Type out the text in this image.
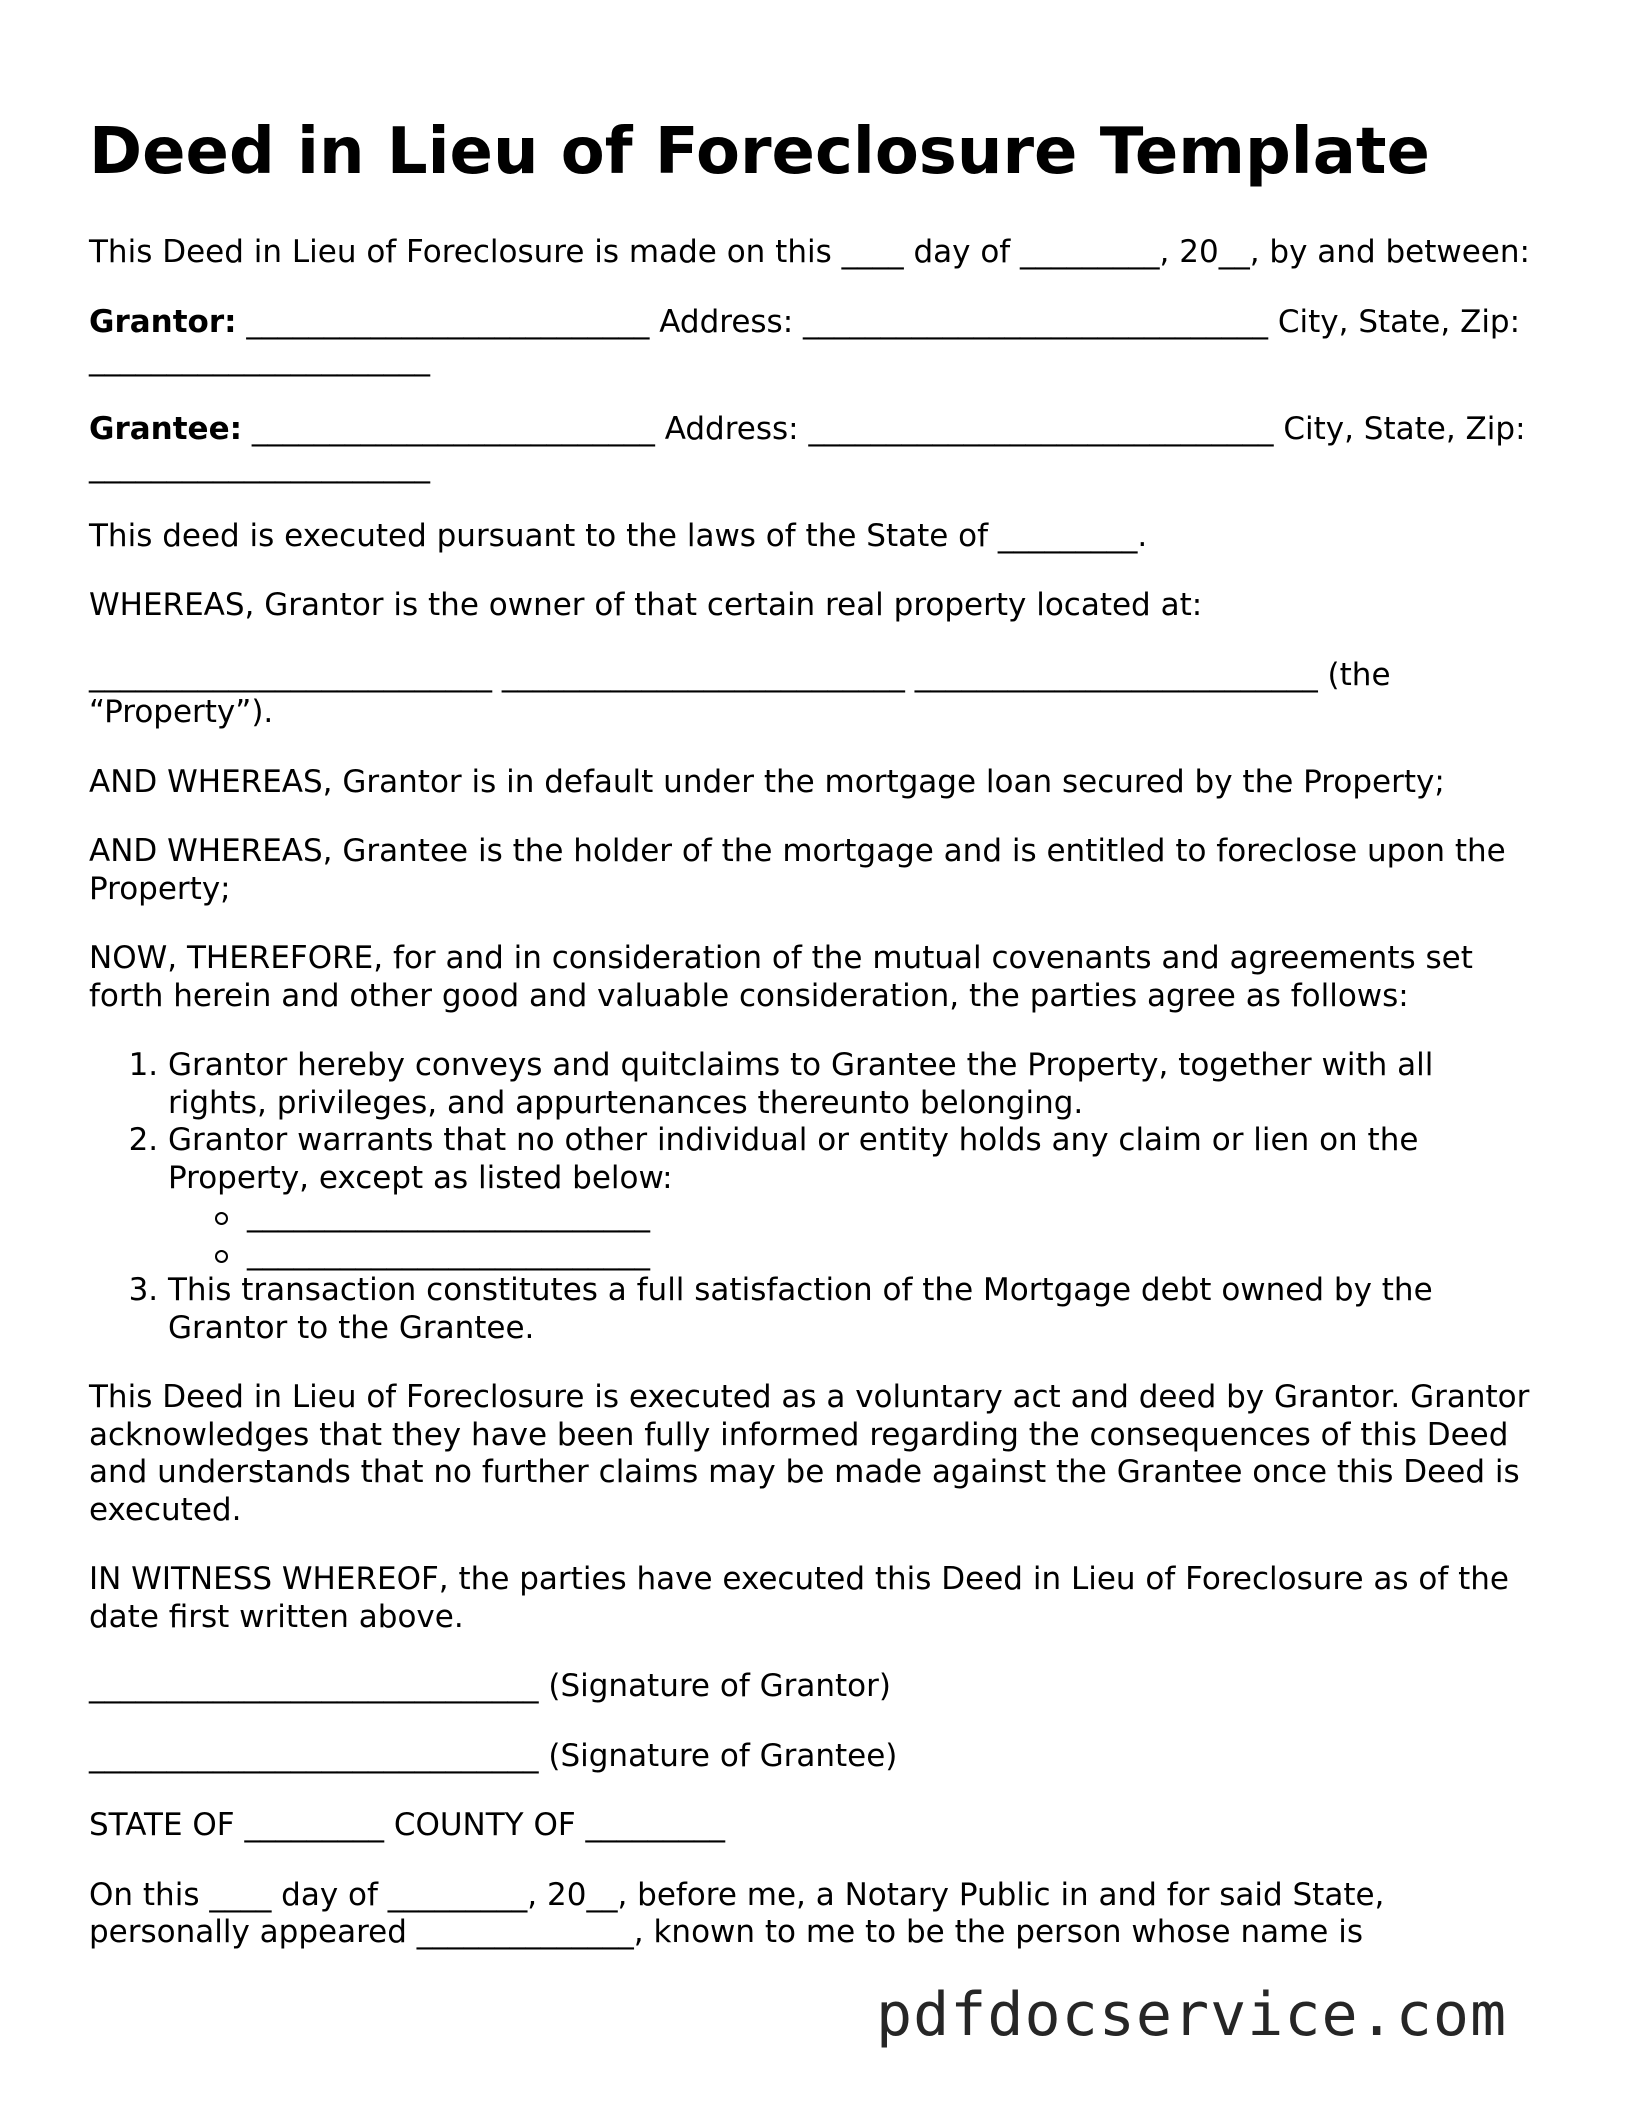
Deed in Lieu of Foreclosure Template

This Deed in Lieu of Foreclosure is made on this ____ day of _________, 20__, by and between:

Grantor: __________________________ Address: ______________________________ City, State, Zip: ______________________

Grantee: __________________________ Address: ______________________________ City, State, Zip: ______________________

This deed is executed pursuant to the laws of the State of _________.

WHEREAS, Grantor is the owner of that certain real property located at:

__________________________ __________________________ __________________________ (the “Property”).

AND WHEREAS, Grantor is in default under the mortgage loan secured by the Property;

AND WHEREAS, Grantee is the holder of the mortgage and is entitled to foreclose upon the Property;

NOW, THEREFORE, for and in consideration of the mutual covenants and agreements set forth herein and other good and valuable consideration, the parties agree as follows:

1. Grantor hereby conveys and quitclaims to Grantee the Property, together with all rights, privileges, and appurtenances thereunto belonging.
2. Grantor warrants that no other individual or entity holds any claim or lien on the Property, except as listed below:
__________________________
__________________________
3. This transaction constitutes a full satisfaction of the Mortgage debt owned by the Grantor to the Grantee.

This Deed in Lieu of Foreclosure is executed as a voluntary act and deed by Grantor. Grantor acknowledges that they have been fully informed regarding the consequences of this Deed and understands that no further claims may be made against the Grantee once this Deed is executed.

IN WITNESS WHEREOF, the parties have executed this Deed in Lieu of Foreclosure as of the date first written above.

_____________________________ (Signature of Grantor)

_____________________________ (Signature of Grantee)

STATE OF _________ COUNTY OF _________

On this ____ day of _________, 20__, before me, a Notary Public in and for said State, personally appeared ______________, known to me to be the person whose name is

pdfdocservice.com
